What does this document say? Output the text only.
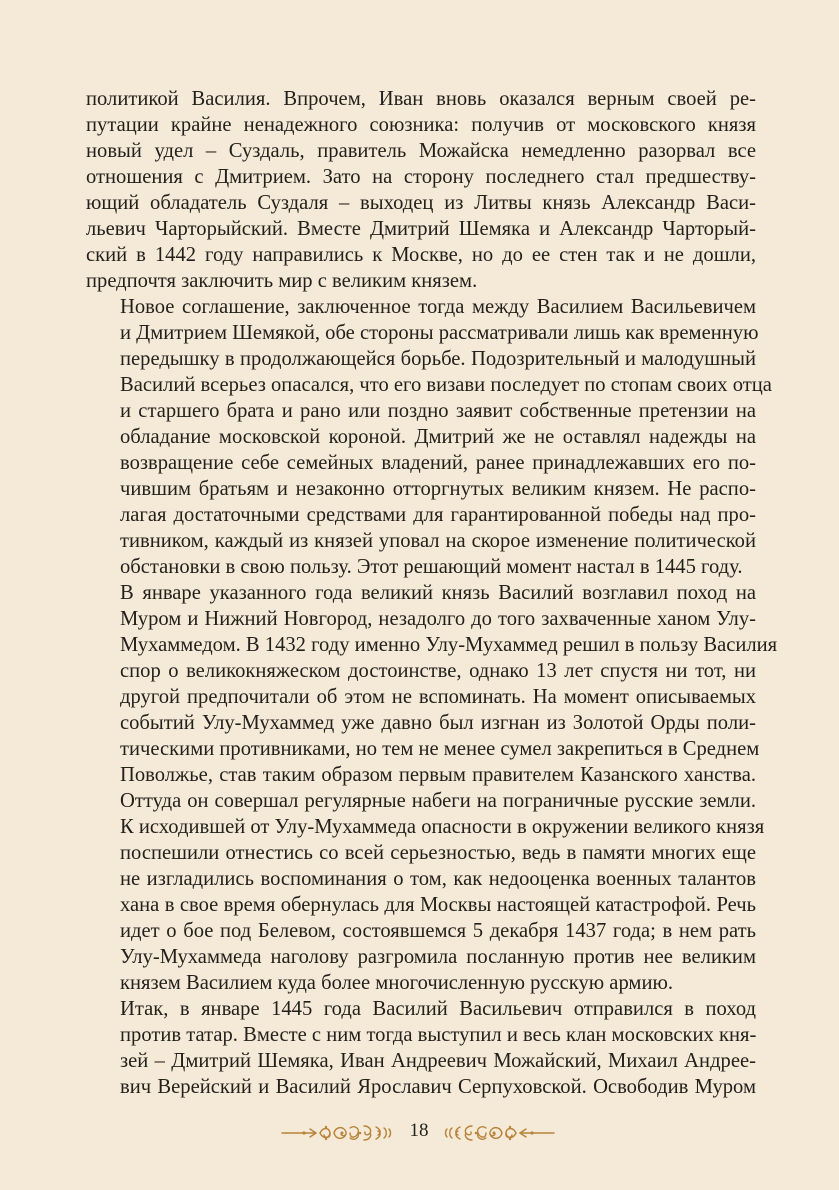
политикой Василия. Впрочем, Иван вновь оказался верным своей ре-
путации крайне ненадежного союзника: получив от московского князя
новый удел – Суздаль, правитель Можайска немедленно разорвал все
отношения с Дмитрием. Зато на сторону последнего стал предшеству-
ющий обладатель Суздаля – выходец из Литвы князь Александр Васи-
льевич Чарторыйский. Вместе Дмитрий Шемяка и Александр Чарторый-
ский в 1442 году направились к Москве, но до ее стен так и не дошли,
предпочтя заключить мир с великим князем.
Новое соглашение, заключенное тогда между Василием Васильевичем
и Дмитрием Шемякой, обе стороны рассматривали лишь как временную
передышку в продолжающейся борьбе. Подозрительный и малодушный
Василий всерьез опасался, что его визави последует по стопам своих отца
и старшего брата и рано или поздно заявит собственные претензии на
обладание московской короной. Дмитрий же не оставлял надежды на
возвращение себе семейных владений, ранее принадлежавших его по-
чившим братьям и незаконно отторгнутых великим князем. Не распо-
лагая достаточными средствами для гарантированной победы над про-
тивником, каждый из князей уповал на скорое изменение политической
обстановки в свою пользу. Этот решающий момент настал в 1445 году.
В январе указанного года великий князь Василий возглавил поход на
Муром и Нижний Новгород, незадолго до того захваченные ханом Улу-
Мухаммедом. В 1432 году именно Улу-Мухаммед решил в пользу Василия
спор о великокняжеском достоинстве, однако 13 лет спустя ни тот, ни
другой предпочитали об этом не вспоминать. На момент описываемых
событий Улу-Мухаммед уже давно был изгнан из Золотой Орды поли-
тическими противниками, но тем не менее сумел закрепиться в Среднем
Поволжье, став таким образом первым правителем Казанского ханства.
Оттуда он совершал регулярные набеги на пограничные русские земли.
К исходившей от Улу-Мухаммеда опасности в окружении великого князя
поспешили отнестись со всей серьезностью, ведь в памяти многих еще
не изгладились воспоминания о том, как недооценка военных талантов
хана в свое время обернулась для Москвы настоящей катастрофой. Речь
идет о бое под Белевом, состоявшемся 5 декабря 1437 года; в нем рать
Улу-Мухаммеда наголову разгромила посланную против нее великим
князем Василием куда более многочисленную русскую армию.
Итак, в январе 1445 года Василий Васильевич отправился в поход
против татар. Вместе с ним тогда выступил и весь клан московских кня-
зей – Дмитрий Шемяка, Иван Андреевич Можайский, Михаил Андрее-
вич Верейский и Василий Ярославич Серпуховской. Освободив Муром
18
